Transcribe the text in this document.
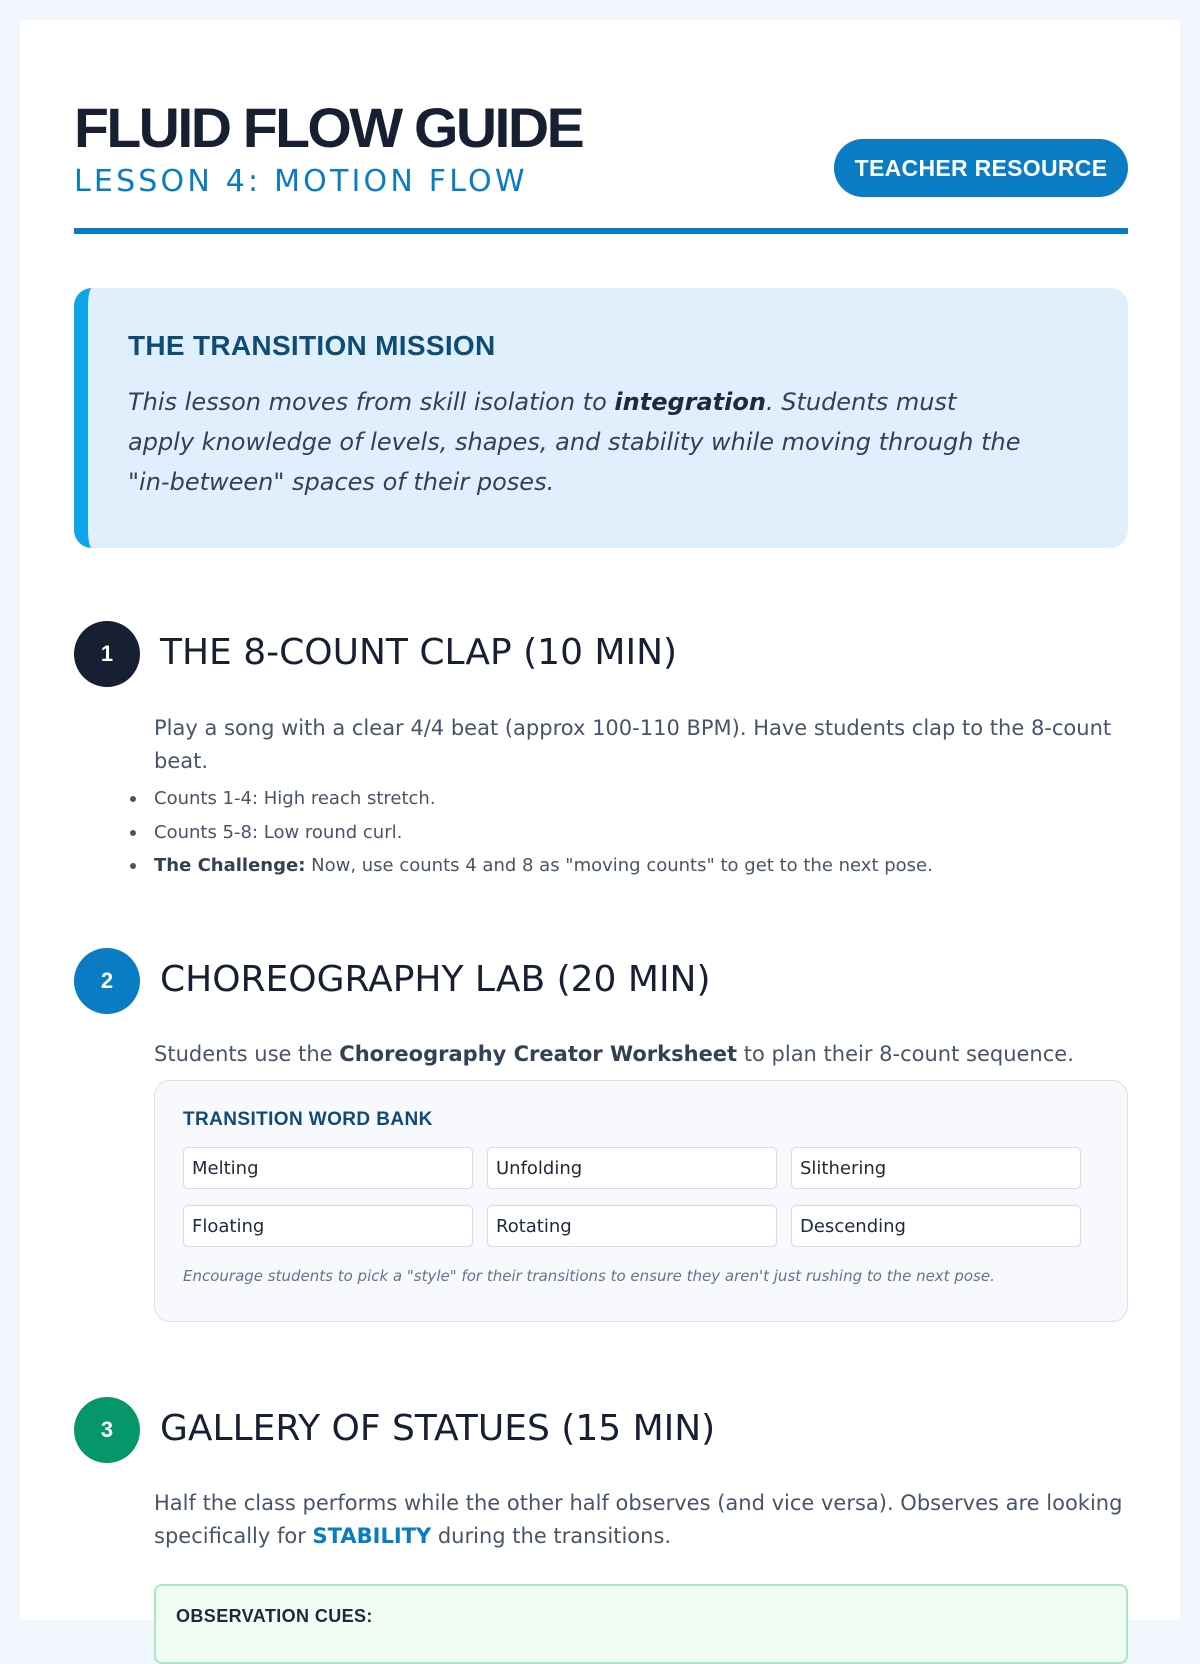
FLUID FLOW GUIDE
LESSON 4: MOTION FLOW	TEACHER RESOURCE
THE TRANSITION MISSION
This lesson moves from skill isolation to integration. Students must apply knowledge of levels, shapes, and stability while moving through the "in-between" spaces of their poses.
1	THE 8-COUNT CLAP (10 MIN)
Play a song with a clear 4/4 beat (approx 100-110 BPM). Have students clap to the 8-count beat.
Counts 1-4: High reach stretch.
Counts 5-8: Low round curl.
The Challenge: Now, use counts 4 and 8 as "moving counts" to get to the next pose.
2	CHOREOGRAPHY LAB (20 MIN)
Students use the Choreography Creator Worksheet to plan their 8-count sequence.
TRANSITION WORD BANK
Melting	Unfolding	Slithering
Floating	Rotating	Descending
Encourage students to pick a "style" for their transitions to ensure they aren't just rushing to the next pose.
3	GALLERY OF STATUES (15 MIN)
Half the class performs while the other half observes (and vice versa). Observes are looking specifically for STABILITY during the transitions.
OBSERVATION CUES:
